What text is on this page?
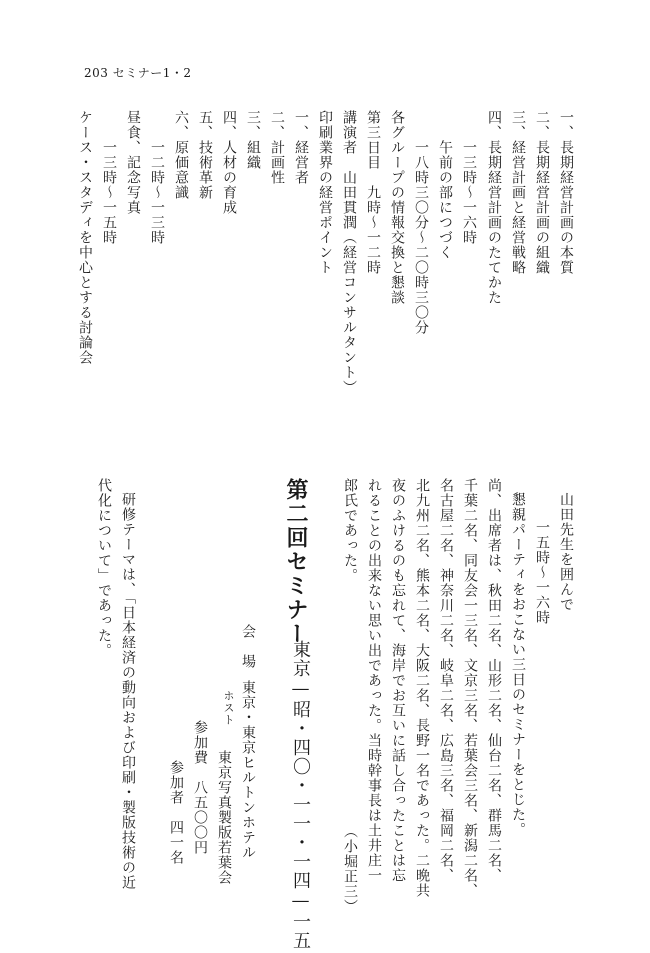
203 セミナー1・2
一、長期経営計画の本質
二、長期経営計画の組織
三、経営計画と経営戦略
四、長期経営計画のたてかた
一三時〜一六時
午前の部につづく
一八時三〇分〜二〇時三〇分
各グループの情報交換と懇談
第三日目　九時〜一二時
講演者　山田貫潤（経営コンサルタント）
印刷業界の経営ポイント
一、経営者
二、計画性
三、組織
四、人材の育成
五、技術革新
六、原価意識
一二時〜一三時
昼食、記念写真
一三時〜一五時
ケース・スタディを中心とする討論会
山田先生を囲んで
一五時〜一六時
懇親パーティをおこない三日のセミナーをとじた。
尚、出席者は、秋田二名、山形二名、仙台二名、群馬二名、
千葉二名、同友会一三名、文京三名、若葉会三名、新潟二名、
名古屋二名、神奈川二名、岐阜二名、広島三名、福岡二名、
北九州二名、熊本二名、大阪二名、長野一名であった。二晩共
夜のふけるのも忘れて、海岸でお互いに話し合ったことは忘
れることの出来ない思い出であった。当時幹事長は土井庄一
郎氏であった。　　　　　　　　　　　　　　　　　（小堀正三）
第二回セミナー
東京—昭・四〇・一一・一四—一五
会　場
東京・東京ヒルトンホテル
ホスト
東京写真製版若葉会
参加費　八五〇〇円
参加者　四一名
研修テーマは、「日本経済の動向および印刷・製版技術の近
代化について」であった。
